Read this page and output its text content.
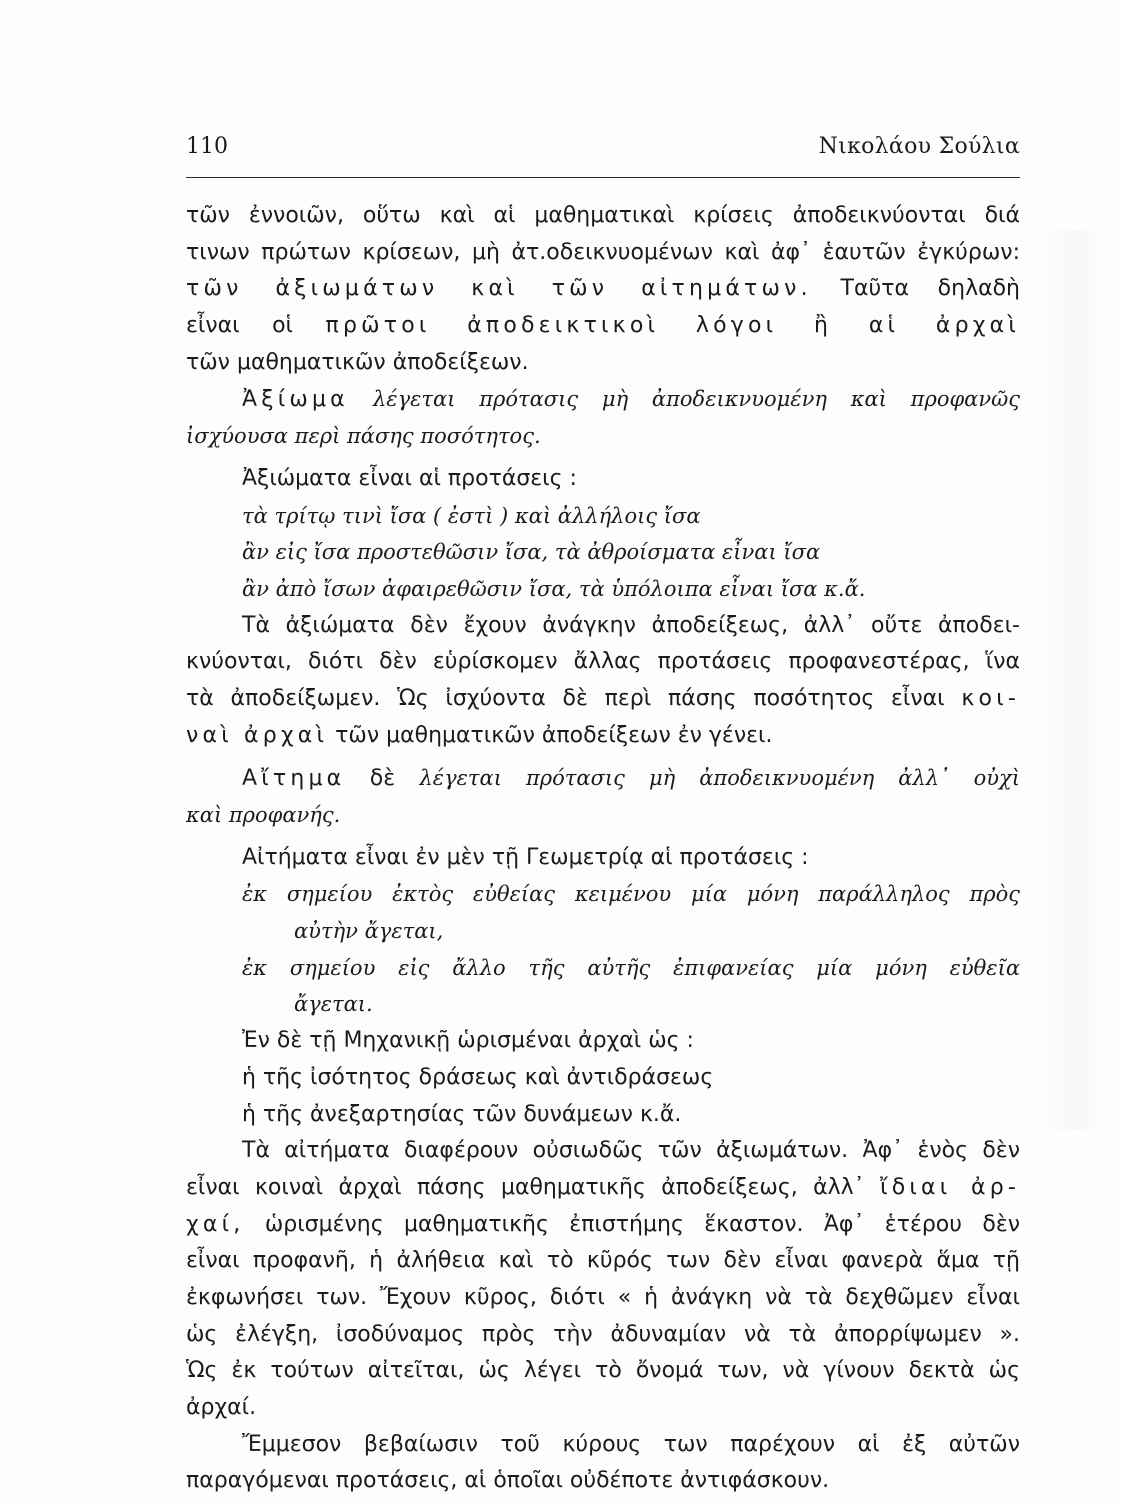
110	Νικολάου Σούλια
τῶν ἐννοιῶν, οὕτω καὶ αἱ μαθηματικαὶ κρίσεις ἀποδεικνύονται διά
τινων πρώτων κρίσεων, μὴ ἀτ.οδεικνυομένων καὶ ἀφ᾽ ἑαυτῶν ἐγκύρων:
τῶν ἀξιωμάτων καὶ τῶν αἰτημάτων. Ταῦτα δηλαδὴ
εἶναι οἱ πρῶτοι ἀποδεικτικοὶ λόγοι ἢ αἱ ἀρχαὶ
τῶν μαθηματικῶν ἀποδείξεων.
Ἀξίωμα λέγεται πρότασις μὴ ἀποδεικνυομένη καὶ προφανῶς
ἰσχύουσα περὶ πάσης ποσότητος.
Ἀξιώματα εἶναι αἱ προτάσεις :
τὰ τρίτῳ τινὶ ἴσα ( ἐστὶ ) καὶ ἀλλήλοις ἴσα
ἂν εἰς ἴσα προστεθῶσιν ἴσα, τὰ ἀθροίσματα εἶναι ἴσα
ἂν ἀπὸ ἴσων ἀφαιρεθῶσιν ἴσα, τὰ ὑπόλοιπα εἶναι ἴσα κ.ἄ.
Τὰ ἀξιώματα δὲν ἔχουν ἀνάγκην ἀποδείξεως, ἀλλ᾽ οὔτε ἀποδει-
κνύονται, διότι δὲν εὑρίσκομεν ἄλλας προτάσεις προφανεστέρας, ἵνα
τὰ ἀποδείξωμεν. Ὡς ἰσχύοντα δὲ περὶ πάσης ποσότητος εἶναι κοι-
ναὶ ἀρχαὶ τῶν μαθηματικῶν ἀποδείξεων ἐν γένει.
Αἴτημα δὲ λέγεται πρότασις μὴ ἀποδεικνυομένη ἀλλ᾽ οὐχὶ
καὶ προφανής.
Αἰτήματα εἶναι ἐν μὲν τῇ Γεωμετρίᾳ αἱ προτάσεις :
ἐκ σημείου ἐκτὸς εὐθείας κειμένου μία μόνη παράλληλος πρὸς
αὐτὴν ἄγεται,
ἐκ σημείου εἰς ἄλλο τῆς αὐτῆς ἐπιφανείας μία μόνη εὐθεῖα
ἄγεται.
Ἐν δὲ τῇ Μηχανικῇ ὡρισμέναι ἀρχαὶ ὡς :
ἡ τῆς ἰσότητος δράσεως καὶ ἀντιδράσεως
ἡ τῆς ἀνεξαρτησίας τῶν δυνάμεων κ.ἄ.
Τὰ αἰτήματα διαφέρουν οὐσιωδῶς τῶν ἀξιωμάτων. Ἀφ᾽ ἑνὸς δὲν
εἶναι κοιναὶ ἀρχαὶ πάσης μαθηματικῆς ἀποδείξεως, ἀλλ᾽ ἴδιαι ἀρ-
χαί, ὡρισμένης μαθηματικῆς ἐπιστήμης ἕκαστον. Ἀφ᾽ ἑτέρου δὲν
εἶναι προφανῆ, ἡ ἀλήθεια καὶ τὸ κῦρός των δὲν εἶναι φανερὰ ἅμα τῇ
ἐκφωνήσει των. Ἔχουν κῦρος, διότι « ἡ ἀνάγκη νὰ τὰ δεχθῶμεν εἶναι
ὡς ἐλέγξη, ἰσοδύναμος πρὸς τὴν ἀδυναμίαν νὰ τὰ ἀπορρίψωμεν ».
Ὡς ἐκ τούτων αἰτεῖται, ὡς λέγει τὸ ὄνομά των, νὰ γίνουν δεκτὰ ὡς
ἀρχαί.
Ἔμμεσον βεβαίωσιν τοῦ κύρους των παρέχουν αἱ ἐξ αὐτῶν
παραγόμεναι προτάσεις, αἱ ὁποῖαι οὐδέποτε ἀντιφάσκουν.
